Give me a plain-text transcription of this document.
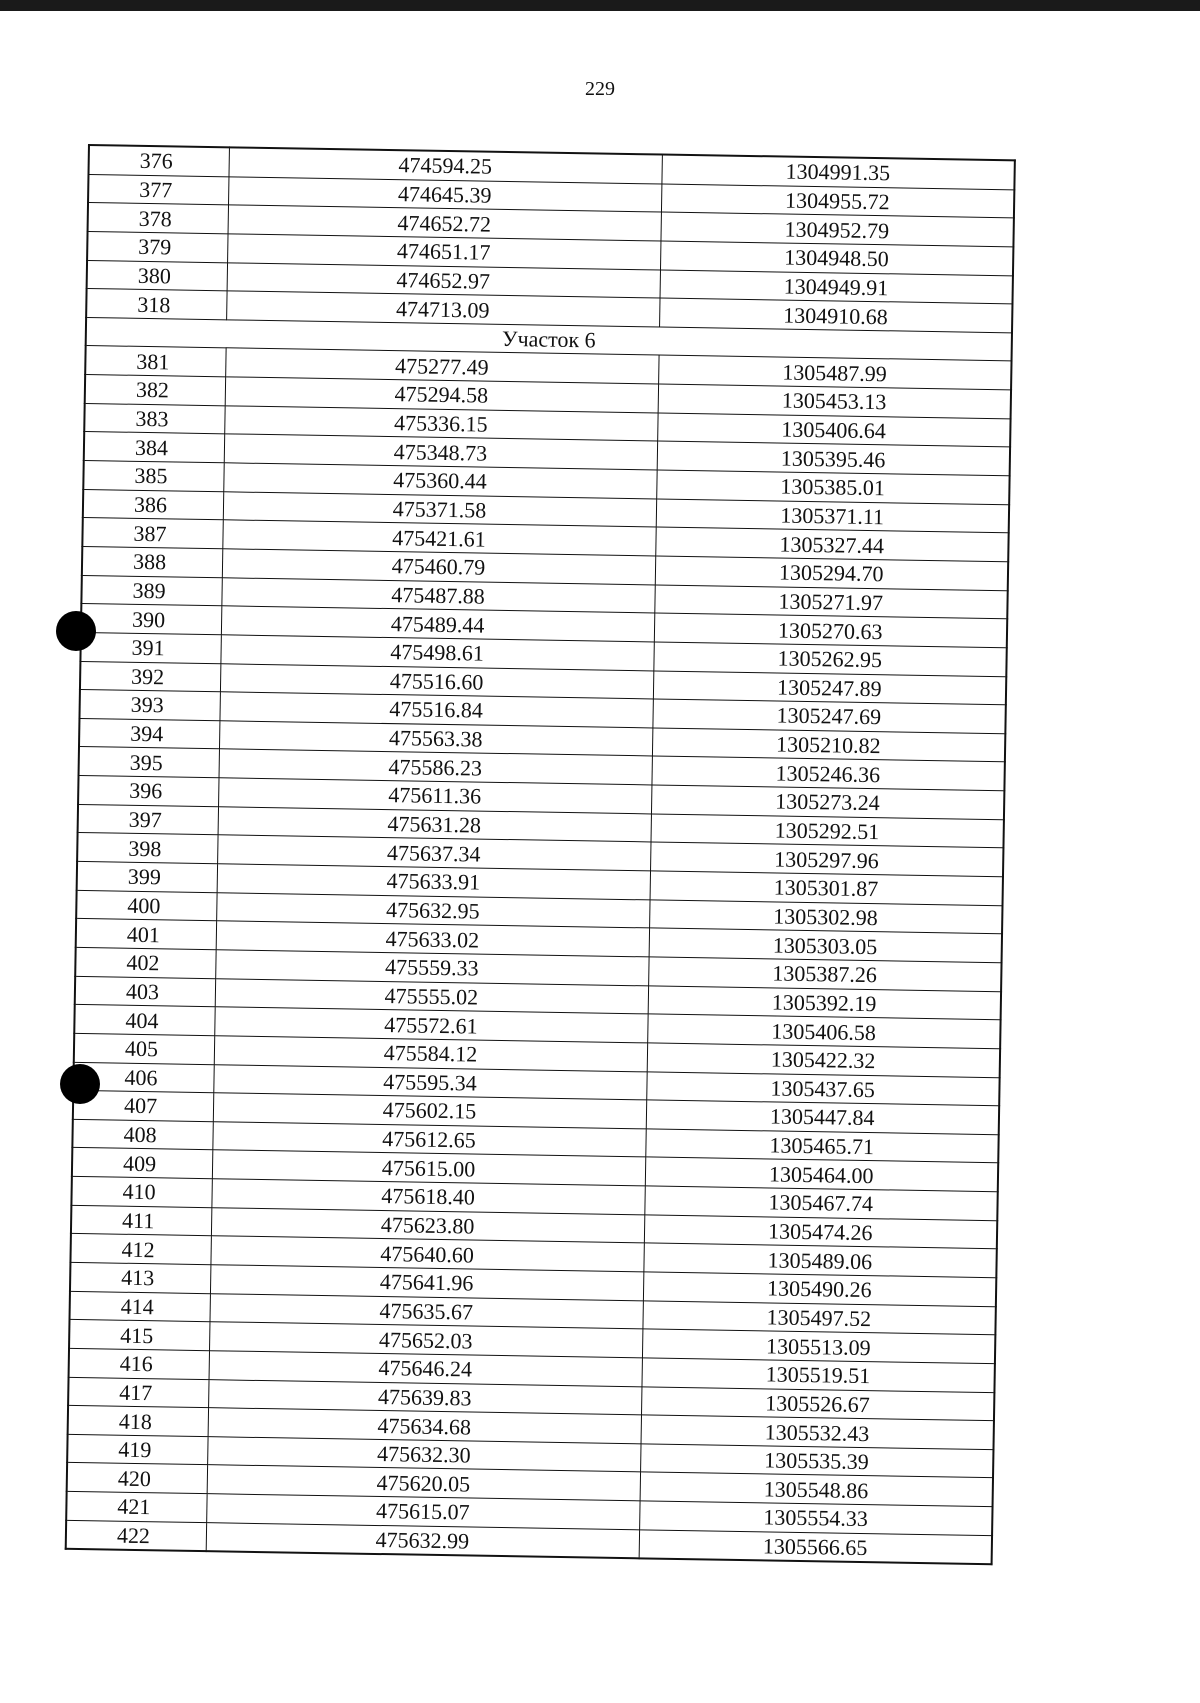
229
376	474594.25	1304991.35
377	474645.39	1304955.72
378	474652.72	1304952.79
379	474651.17	1304948.50
380	474652.97	1304949.91
318	474713.09	1304910.68
Участок 6		
381	475277.49	1305487.99
382	475294.58	1305453.13
383	475336.15	1305406.64
384	475348.73	1305395.46
385	475360.44	1305385.01
386	475371.58	1305371.11
387	475421.61	1305327.44
388	475460.79	1305294.70
389	475487.88	1305271.97
390	475489.44	1305270.63
391	475498.61	1305262.95
392	475516.60	1305247.89
393	475516.84	1305247.69
394	475563.38	1305210.82
395	475586.23	1305246.36
396	475611.36	1305273.24
397	475631.28	1305292.51
398	475637.34	1305297.96
399	475633.91	1305301.87
400	475632.95	1305302.98
401	475633.02	1305303.05
402	475559.33	1305387.26
403	475555.02	1305392.19
404	475572.61	1305406.58
405	475584.12	1305422.32
406	475595.34	1305437.65
407	475602.15	1305447.84
408	475612.65	1305465.71
409	475615.00	1305464.00
410	475618.40	1305467.74
411	475623.80	1305474.26
412	475640.60	1305489.06
413	475641.96	1305490.26
414	475635.67	1305497.52
415	475652.03	1305513.09
416	475646.24	1305519.51
417	475639.83	1305526.67
418	475634.68	1305532.43
419	475632.30	1305535.39
420	475620.05	1305548.86
421	475615.07	1305554.33
422	475632.99	1305566.65
